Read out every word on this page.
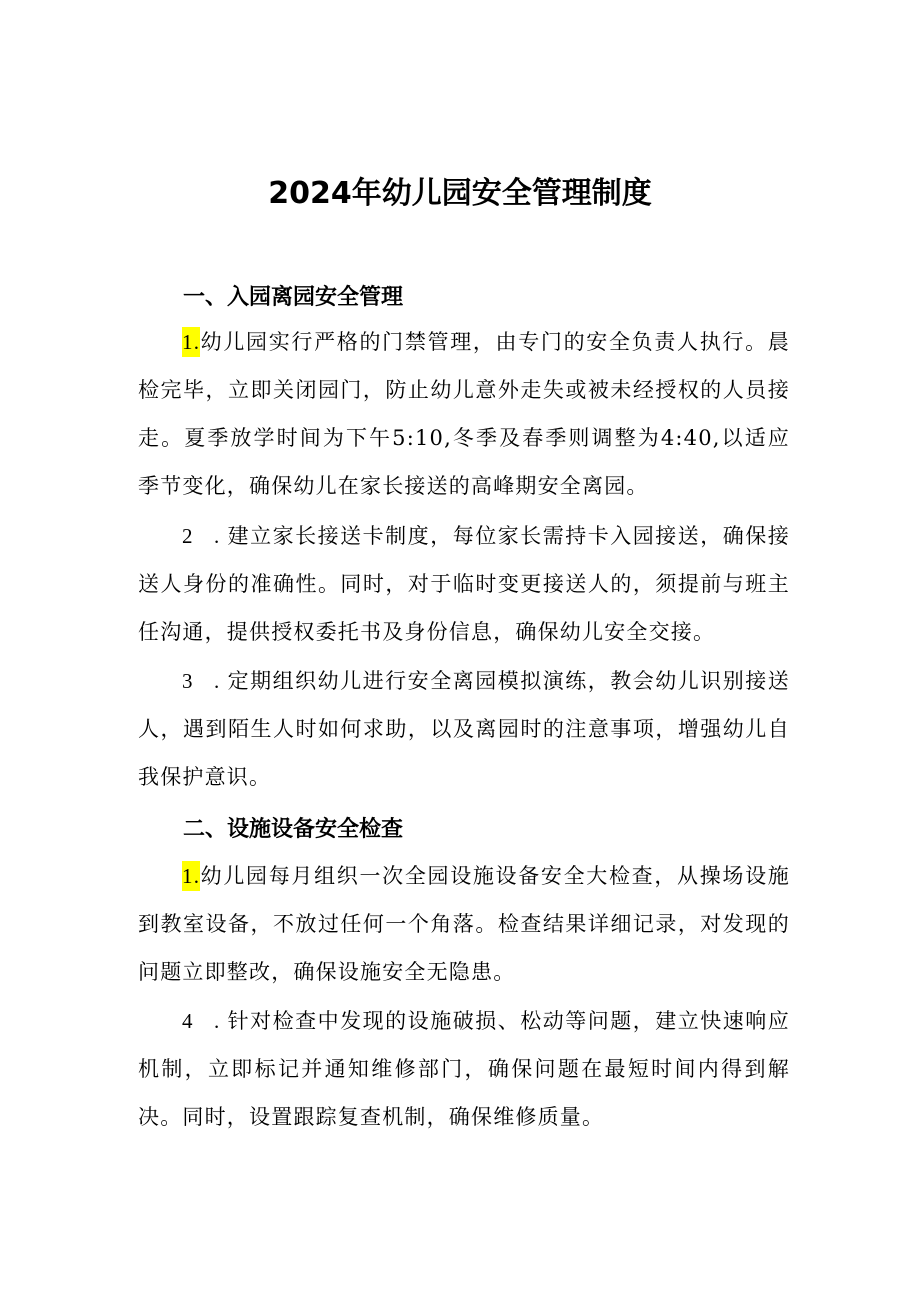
2024年幼儿园安全管理制度
一、入园离园安全管理

1.幼儿园实行严格的门禁管理，由专门的安全负责人执行。晨检完毕，立即关闭园门，防止幼儿意外走失或被未经授权的人员接走。夏季放学时间为下午5:10,冬季及春季则调整为4:40,以适应季节变化，确保幼儿在家长接送的高峰期安全离园。

2 .建立家长接送卡制度，每位家长需持卡入园接送，确保接送人身份的准确性。同时，对于临时变更接送人的，须提前与班主任沟通，提供授权委托书及身份信息，确保幼儿安全交接。

3 .定期组织幼儿进行安全离园模拟演练，教会幼儿识别接送人，遇到陌生人时如何求助，以及离园时的注意事项，增强幼儿自我保护意识。

二、设施设备安全检查

1.幼儿园每月组织一次全园设施设备安全大检查，从操场设施到教室设备，不放过任何一个角落。检查结果详细记录，对发现的问题立即整改，确保设施安全无隐患。

4 .针对检查中发现的设施破损、松动等问题，建立快速响应机制，立即标记并通知维修部门，确保问题在最短时间内得到解决。同时，设置跟踪复查机制，确保维修质量。
